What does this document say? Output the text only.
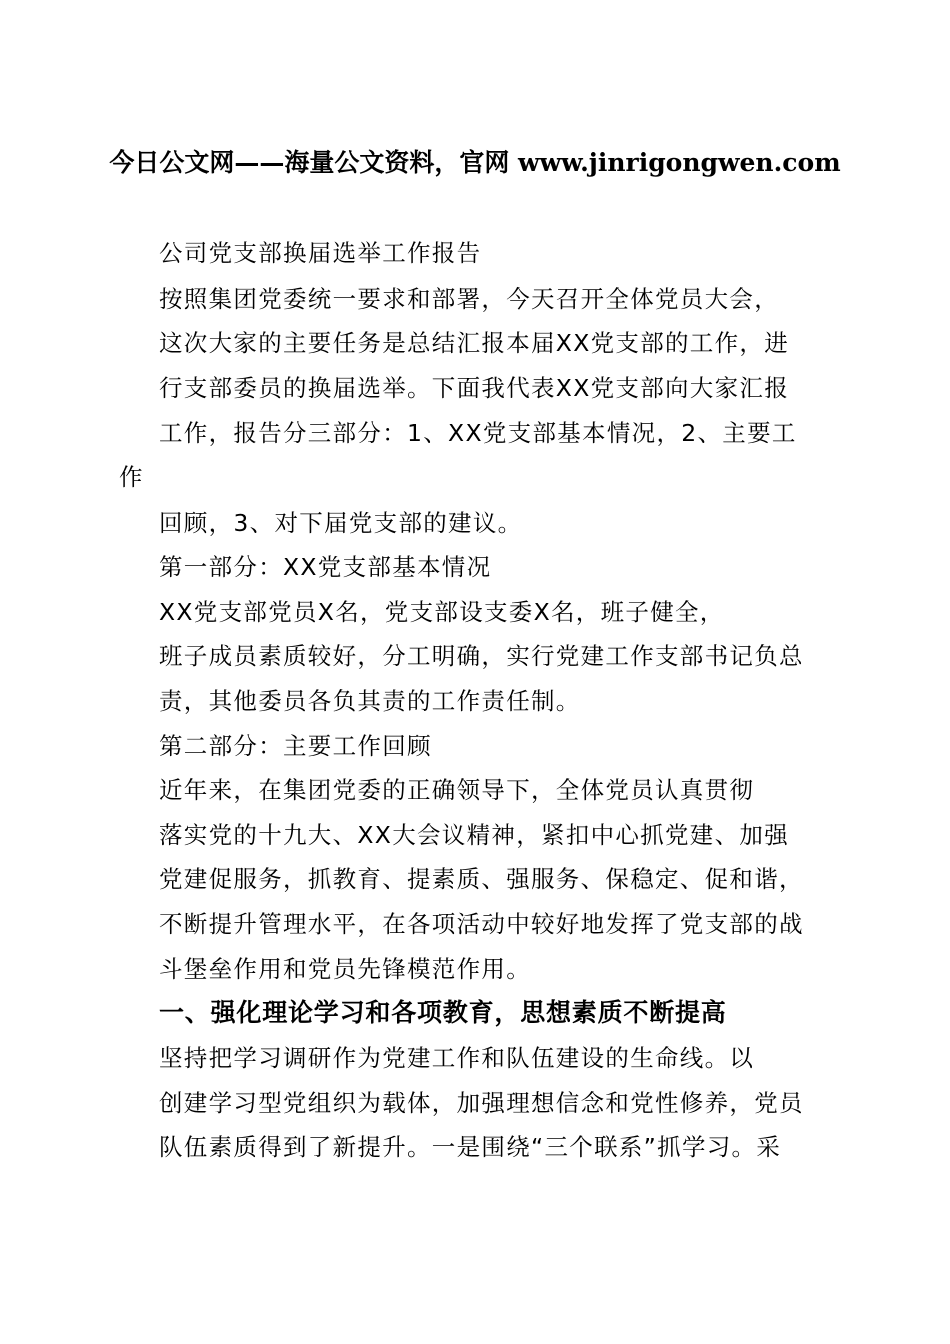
今日公文网——海量公文资料，官网 www.jinrigongwen.com
公司党支部换届选举工作报告
按照集团党委统一要求和部署，今天召开全体党员大会，
这次大家的主要任务是总结汇报本届XX党支部的工作，进
行支部委员的换届选举。下面我代表XX党支部向大家汇报
工作，报告分三部分：1、XX党支部基本情况，2、主要工
作
回顾，3、对下届党支部的建议。
第一部分：XX党支部基本情况
XX党支部党员X名，党支部设支委X名，班子健全，
班子成员素质较好，分工明确，实行党建工作支部书记负总
责，其他委员各负其责的工作责任制。
第二部分：主要工作回顾
近年来，在集团党委的正确领导下，全体党员认真贯彻
落实党的十九大、XX大会议精神，紧扣中心抓党建、加强
党建促服务，抓教育、提素质、强服务、保稳定、促和谐，
不断提升管理水平，在各项活动中较好地发挥了党支部的战
斗堡垒作用和党员先锋模范作用。
一、强化理论学习和各项教育，思想素质不断提高
坚持把学习调研作为党建工作和队伍建设的生命线。以
创建学习型党组织为载体，加强理想信念和党性修养，党员
队伍素质得到了新提升。一是围绕“三个联系”抓学习。采
